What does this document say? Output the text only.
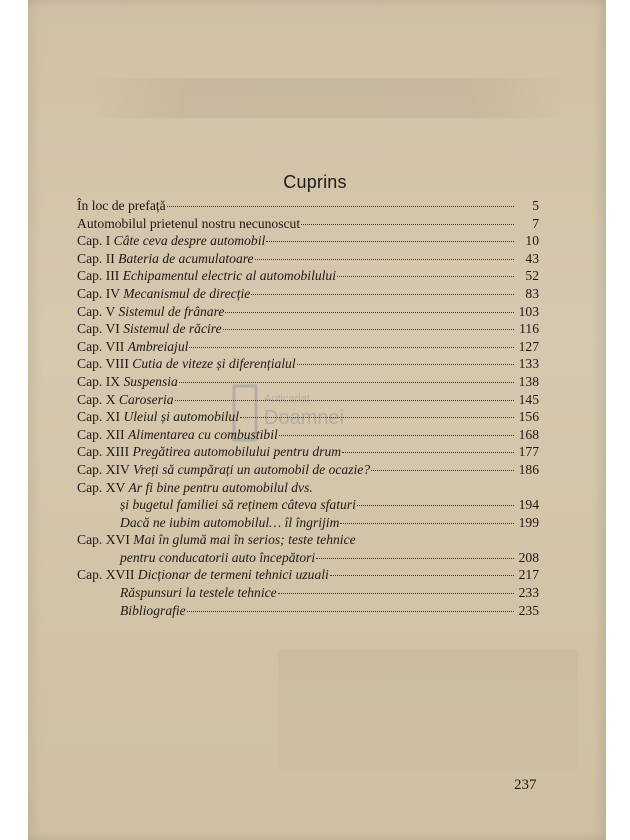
Anticariat
Doamnei
Cuprins
În loc de prefață	5
Automobilul prietenul nostru necunoscut	7
Cap. I Câte ceva despre automobil	10
Cap. II Bateria de acumulatoare	43
Cap. III Echipamentul electric al automobilului	52
Cap. IV Mecanismul de direcție	83
Cap. V Sistemul de frânare	103
Cap. VI Sistemul de răcire	116
Cap. VII Ambreiajul	127
Cap. VIII Cutia de viteze și diferențialul	133
Cap. IX Suspensia	138
Cap. X Caroseria	145
Cap. XI Uleiul și automobilul	156
Cap. XII Alimentarea cu combustibil	168
Cap. XIII Pregătirea automobilului pentru drum	177
Cap. XIV Vreți să cumpărați un automobil de ocazie?	186
Cap. XV Ar fi bine pentru automobilul dvs.
și bugetul familiei să reținem câteva sfaturi	194
Dacă ne iubim automobilul… îl îngrijim	199
Cap. XVI Mai în glumă mai în serios; teste tehnice
pentru conducatorii auto începători	208
Cap. XVII Dicționar de termeni tehnici uzuali	217
Răspunsuri la testele tehnice	233
Bibliografie	235
237
